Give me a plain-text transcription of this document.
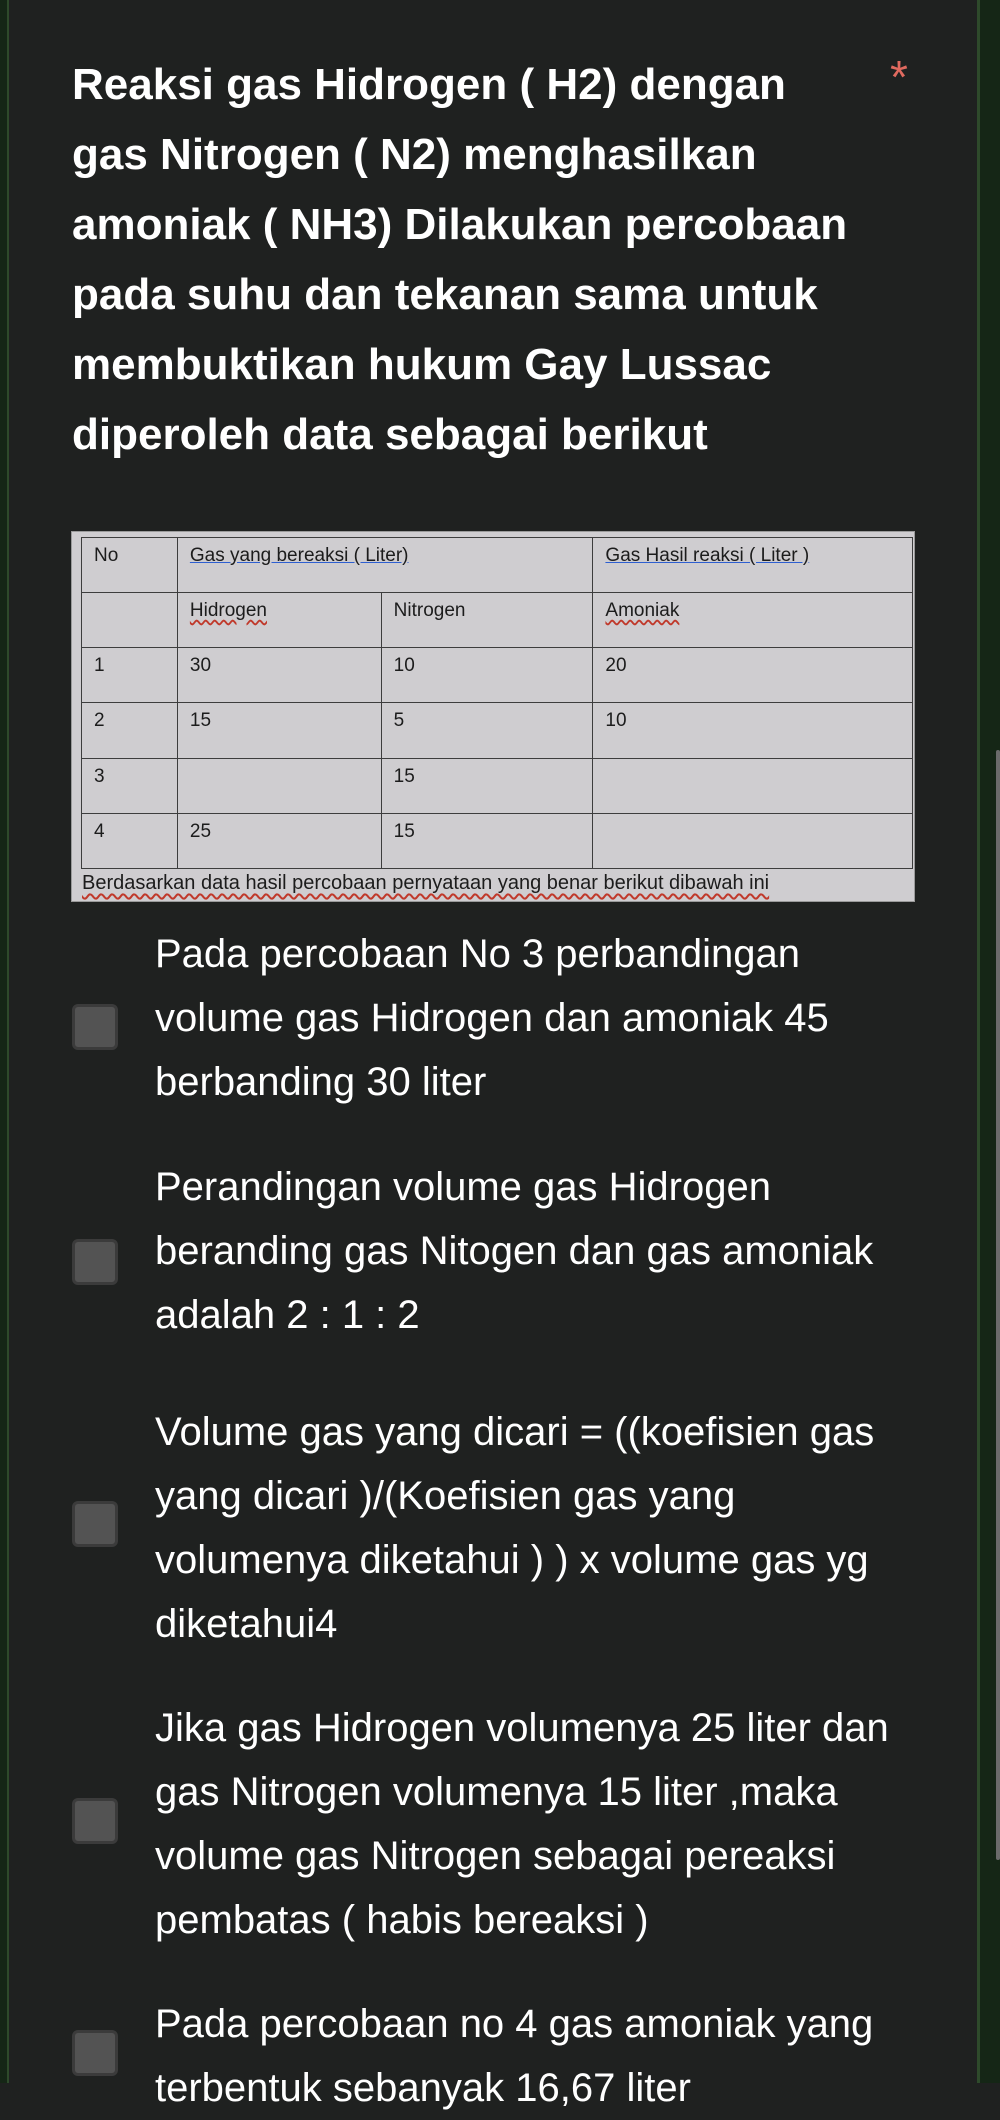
Reaksi gas Hidrogen ( H2) dengan gas Nitrogen ( N2) menghasilkan amoniak ( NH3) Dilakukan percobaan pada suhu dan tekanan sama untuk membuktikan hukum Gay Lussac diperoleh data sebagai berikut
*
No	Gas yang bereaksi ( Liter)		Gas Hasil reaksi ( Liter )
	Hidrogen	Nitrogen	Amoniak
1	30	10	20
2	15	5	10
3		15	
4	25	15	
Berdasarkan data hasil percobaan pernyataan yang benar berikut dibawah ini
Pada percobaan No 3 perbandingan volume gas Hidrogen dan amoniak 45 berbanding 30 liter
Perandingan volume gas Hidrogen beranding gas Nitogen dan gas amoniak adalah 2 : 1 : 2
Volume gas yang dicari = ((koefisien gas yang dicari )/(Koefisien gas yang volumenya diketahui ) ) x volume gas yg diketahui4
Jika gas Hidrogen volumenya 25 liter dan gas Nitrogen volumenya 15 liter ,maka volume gas Nitrogen sebagai pereaksi pembatas ( habis bereaksi )
Pada percobaan no 4 gas amoniak yang terbentuk sebanyak 16,67 liter
